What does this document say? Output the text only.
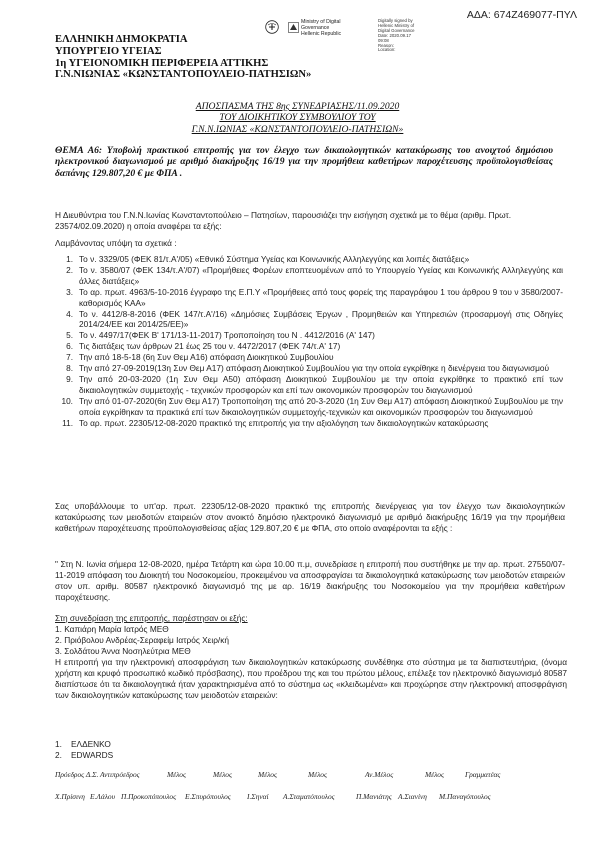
ΑΔΑ: 674Ζ469077-ΠΥΛ
Ministry of Digital
Governance
Hellenic Republic
Digitally signed by
Hellenic Ministry of
Digital Governance
Date: 2020.09.17
09:08
Reason:
Location:
ΕΛΛΗΝΙΚΗ ΔΗΜΟΚΡΑΤΙΑ
ΥΠΟΥΡΓΕΙΟ ΥΓΕΙΑΣ
1η ΥΓΕΙΟΝΟΜΙΚΗ ΠΕΡΙΦΕΡΕΙΑ ΑΤΤΙΚΗΣ
Γ.Ν.ΝΙΩΝΙΑΣ «ΚΩΝΣΤΑΝΤΟΠΟΥΛΕΙΟ-ΠΑΤΗΣΙΩΝ»
ΑΠΟΣΠΑΣΜΑ ΤΗΣ 8ης ΣΥΝΕΔΡΙΑΣΗΣ/11.09.2020
ΤΟΥ ΔΙΟΙΚΗΤΙΚΟΥ ΣΥΜΒΟΥΛΙΟΥ ΤΟΥ
Γ.Ν.Ν.ΙΩΝΙΑΣ «ΚΩΝΣΤΑΝΤΟΠΟΥΛΕΙΟ-ΠΑΤΗΣΙΩΝ»
ΘΕΜΑ Α6: Υποβολή πρακτικού επιτροπής για τον έλεγχο των δικαιολογητικών κατακύρωσης του ανοιχτού δημόσιου ηλεκτρονικού διαγωνισμού με αριθμό διακήρυξης 16/19 για την προμήθεια καθετήρων παροχέτευσης προϋπολογισθείσας δαπάνης 129.807,20 € με ΦΠΑ .
Η Διευθύντρια του Γ.Ν.Ν.Ιωνίας Κωνσταντοπούλειο – Πατησίων, παρουσιάζει την εισήγηση σχετικά με το θέμα (αριθμ. Πρωτ. 23574/02.09.2020) η οποία αναφέρει τα εξής:
Λαμβάνοντας υπόψη τα σχετικά :
1. Το ν. 3329/05 (ΦΕΚ 81/τ.Α'/05) «Εθνικό Σύστημα Υγείας και Κοινωνικής Αλληλεγγύης και λοιπές διατάξεις»
2. Το ν. 3580/07 (ΦΕΚ 134/τ.Α'/07) «Προμήθειες Φορέων εποπτευομένων από το Υπουργείο Υγείας και Κοινωνικής Αλληλεγγύης και άλλες διατάξεις»
3. Το αρ. πρωτ. 4963/5-10-2016 έγγραφο της Ε.Π.Υ «Προμήθειες από τους φορείς της παραγράφου 1 του άρθρου 9 του ν 3580/2007-καθορισμός ΚΑΑ»
4. Το ν. 4412/8-8-2016 (ΦΕΚ 147/τ.Α'/16) «Δημόσιες Συμβάσεις Έργων , Προμηθειών και Υπηρεσιών (προσαρμογή στις Οδηγίες 2014/24/ΕΕ και 2014/25/ΕΕ)»
5. Το ν. 4497/17(ΦΕΚ Β' 171/13-11-2017) Τροποποίηση του Ν . 4412/2016 (Α' 147)
6. Τις διατάξεις των άρθρων 21 έως 25 του ν. 4472/2017 (ΦΕΚ 74/τ.Α' 17)
7. Την από 18-5-18 (6η Συν Θεμ Α16) απόφαση Διοικητικού Συμβουλίου
8. Την από 27-09-2019(13η Συν Θεμ Α17) απόφαση Διοικητικού Συμβουλίου για την οποία εγκρίθηκε η διενέργεια του διαγωνισμού
9. Την από 20-03-2020 (1η Συν Θεμ Α50) απόφαση Διοικητικού Συμβουλίου με την οποία εγκρίθηκε το πρακτικό επί των δικαιολογητικών συμμετοχής - τεχνικών προσφορών και επί των οικονομικών προσφορών του διαγωνισμού
10. Την από 01-07-2020(6η Συν Θεμ Α17) Τροποποίηση της από 20-3-2020 (1η Συν Θεμ Α17) απόφαση Διοικητικού Συμβουλίου με την οποία εγκρίθηκαν τα πρακτικά επί των δικαιολογητικών συμμετοχής-τεχνικών και οικονομικών προσφορών του διαγωνισμού
11. Το αρ. πρωτ. 22305/12-08-2020 πρακτικό της επιτροπής για την αξιολόγηση των δικαιολογητικών κατακύρωσης
Σας υποβάλλουμε το υπ'αρ. πρωτ. 22305/12-08-2020 πρακτικό της επιτροπής διενέργειας για τον έλεγχο των δικαιολογητικών κατακύρωσης των μειοδοτών εταιρειών στον ανοικτό δημόσιο ηλεκτρονικό διαγωνισμό με αριθμό διακήρυξης 16/19 για την προμήθεια καθετήρων παροχέτευσης προϋπολογισθείσας αξίας 129.807,20 € με ΦΠΑ, στο οποίο αναφέρονται τα εξής :
" Στη Ν. Ιωνία σήμερα 12-08-2020, ημέρα Τετάρτη και ώρα 10.00 π.μ, συνεδρίασε η επιτροπή που συστήθηκε με την αρ. πρωτ. 27550/07-11-2019 απόφαση του Διοικητή του Νοσοκομείου, προκειμένου να αποσφραγίσει τα δικαιολογητικά κατακύρωσης των μειοδοτών εταιρειών στον υπ. αριθμ. 80587 ηλεκτρονικό διαγωνισμό της με αρ. 16/19 διακήρυξης του Νοσοκομείου για την προμήθεια καθετήρων παροχέτευσης.
Στη συνεδρίαση της επιτροπής, παρέστησαν οι εξής:
1. Καπιάρη Μαρία Ιατρός ΜΕΘ
2. Πριόβολου Ανδρέας-Σεραφείμ Ιατρός Χειρ/κή
3. Σολδάτου Άννα Νοσηλεύτρια ΜΕΘ
Η επιτροπή για την ηλεκτρονική αποσφράγιση των δικαιολογητικών κατακύρωσης συνδέθηκε στο σύστημα με τα διαπιστευτήρια, (όνομα χρήστη και κρυφό προσωπικό κωδικό πρόσβασης), που προέδρου της και του πρώτου μέλους, επέλεξε τον ηλεκτρονικό διαγωνισμό 80587 διαπίστωσε ότι τα δικαιολογητικά ήταν χαρακτηρισμένα από το σύστημα ως «κλειδωμένα» και προχώρησε στην ηλεκτρονική αποσφράγιση των δικαιολογητικών κατακύρωσης των μειοδοτών εταιρειών:
1. ΕΛΔΕΝΚΟ
2. EDWARDS
Πρόεδρος Δ.Σ. Αντιπρόεδρος	Μέλος	Μέλος	Μέλος	Μέλος	Αν.Μέλος	Μέλος	Γραμματέας
Χ.Πρίσινη Ε.Λάλου Π.Προκοπόπουλος Ε.Σπυρόπουλος Ι.Σηναί Α.Σταματόπουλος	Π.Μανιάτης Α.Σιανίνη Μ.Παναγόπουλος
